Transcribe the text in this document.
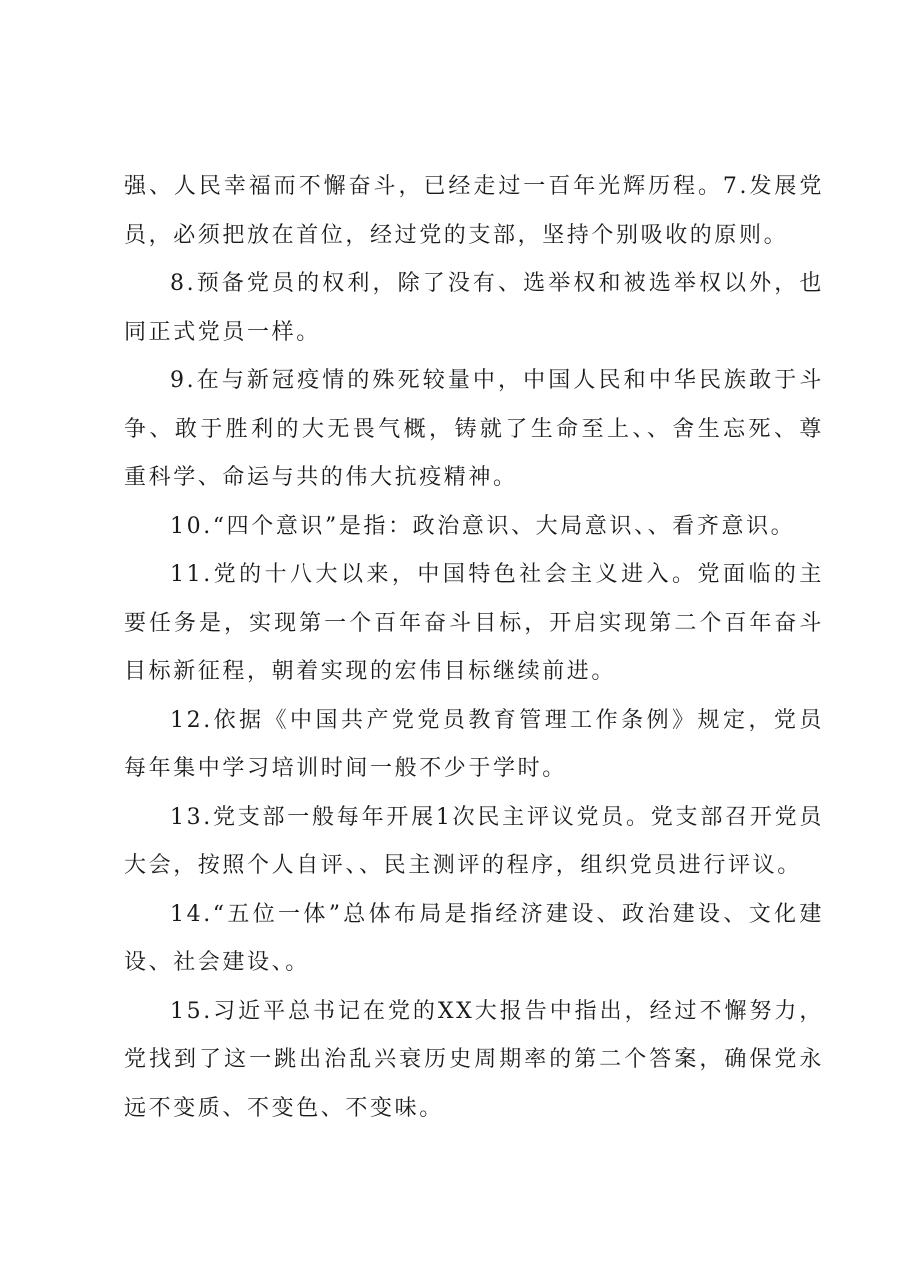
强、人民幸福而不懈奋斗，已经走过一百年光辉历程。7.发展党员，必须把放在首位，经过党的支部，坚持个别吸收的原则。

8.预备党员的权利，除了没有、选举权和被选举权以外，也同正式党员一样。

9.在与新冠疫情的殊死较量中，中国人民和中华民族敢于斗争、敢于胜利的大无畏气概，铸就了生命至上、、舍生忘死、尊重科学、命运与共的伟大抗疫精神。

10.“四个意识”是指：政治意识、大局意识、、看齐意识。

11.党的十八大以来，中国特色社会主义进入。党面临的主要任务是，实现第一个百年奋斗目标，开启实现第二个百年奋斗目标新征程，朝着实现的宏伟目标继续前进。

12.依据《中国共产党党员教育管理工作条例》规定，党员每年集中学习培训时间一般不少于学时。

13.党支部一般每年开展1次民主评议党员。党支部召开党员大会，按照个人自评、、民主测评的程序，组织党员进行评议。

14.“五位一体”总体布局是指经济建设、政治建设、文化建设、社会建设、。

15.习近平总书记在党的XX大报告中指出，经过不懈努力，党找到了这一跳出治乱兴衰历史周期率的第二个答案，确保党永远不变质、不变色、不变味。
